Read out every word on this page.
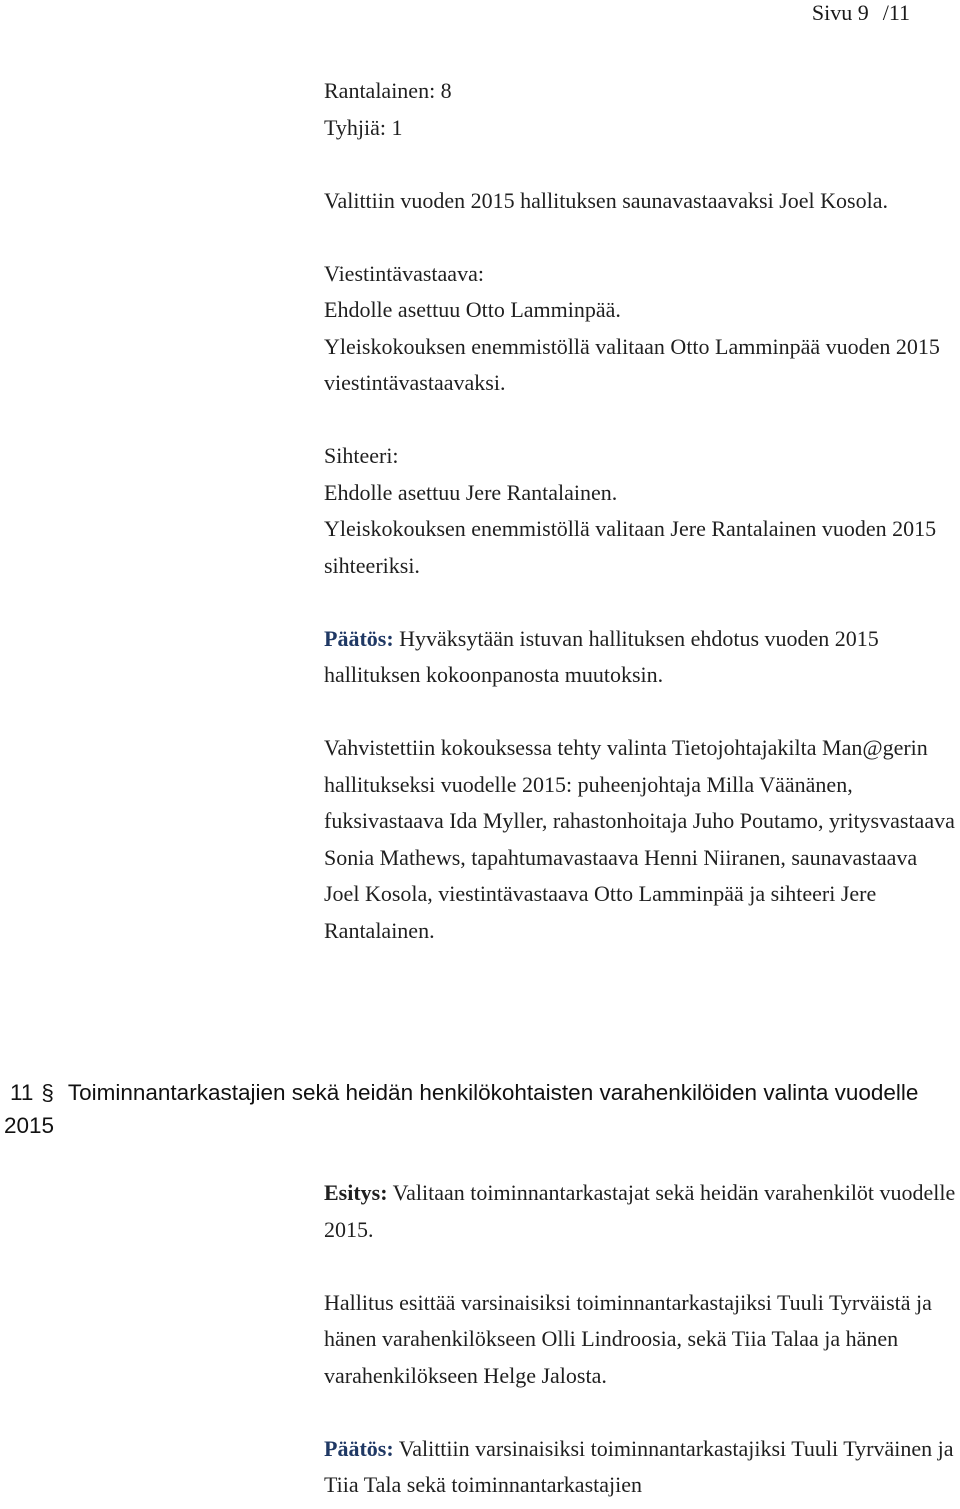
Sivu 9 /11

Rantalainen: 8

Tyhjiä: 1

Valittiin vuoden 2015 hallituksen saunavastaavaksi Joel Kosola.

Viestintävastaava:

Ehdolle asettuu Otto Lamminpää.

Yleiskokouksen enemmistöllä valitaan Otto Lamminpää vuoden 2015 viestintävastaavaksi.

Sihteeri:

Ehdolle asettuu Jere Rantalainen.

Yleiskokouksen enemmistöllä valitaan Jere Rantalainen vuoden 2015 sihteeriksi.

Päätös: Hyväksytään istuvan hallituksen ehdotus vuoden 2015 hallituksen kokoonpanosta muutoksin.

Vahvistettiin kokouksessa tehty valinta Tietojohtajakilta Man@gerin hallitukseksi vuodelle 2015: puheenjohtaja Milla Väänänen, fuksivastaava Ida Myller, rahastonhoitaja Juho Poutamo, yritysvastaava Sonia Mathews, tapahtumavastaava Henni Niiranen, saunavastaava Joel Kosola, viestintävastaava Otto Lamminpää ja sihteeri Jere Rantalainen.

11 § Toiminnantarkastajien sekä heidän henkilökohtaisten varahenkilöiden valinta vuodelle 2015

Esitys: Valitaan toiminnantarkastajat sekä heidän varahenkilöt vuodelle 2015.

Hallitus esittää varsinaisiksi toiminnantarkastajiksi Tuuli Tyrväistä ja hänen varahenkilökseen Olli Lindroosia, sekä Tiia Talaa ja hänen varahenkilökseen Helge Jalosta.

Päätös: Valittiin varsinaisiksi toiminnantarkastajiksi Tuuli Tyrväinen ja Tiia Tala sekä toiminnantarkastajien
